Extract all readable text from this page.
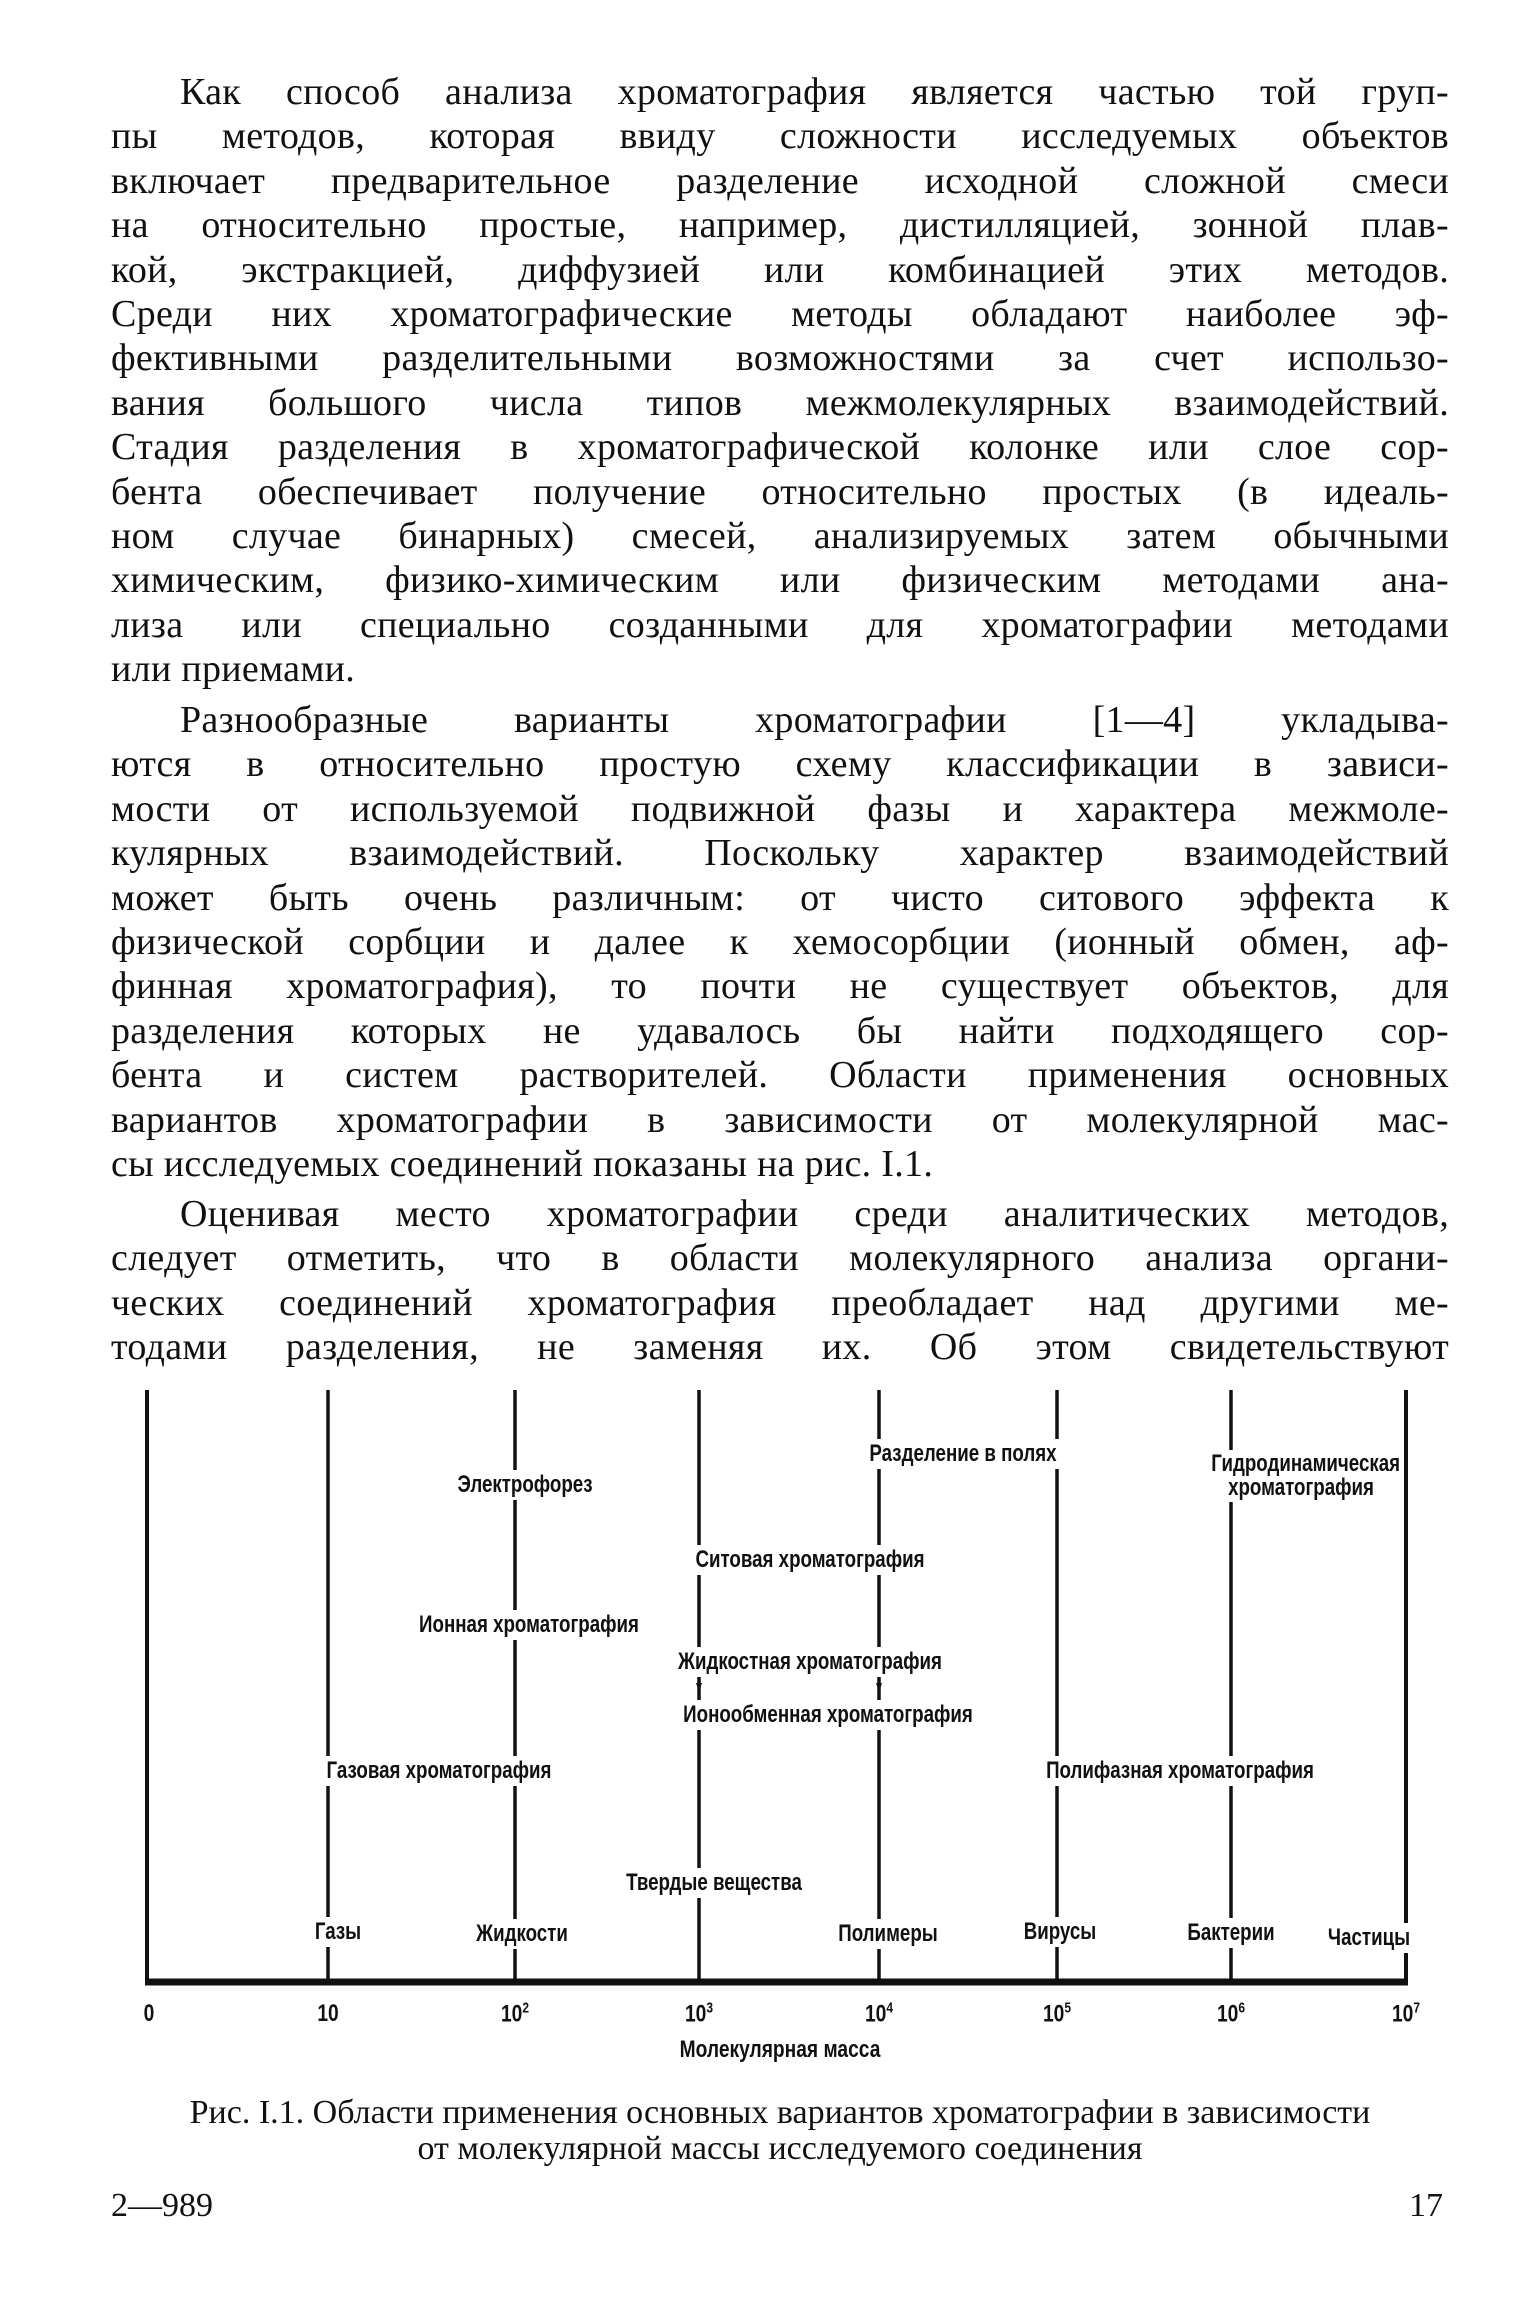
Как способ анализа хроматография является частью той груп-
пы методов, которая ввиду сложности исследуемых объектов
включает предварительное разделение исходной сложной смеси
на относительно простые, например, дистилляцией, зонной плав-
кой, экстракцией, диффузией или комбинацией этих методов.
Среди них хроматографические методы обладают наиболее эф-
фективными разделительными возможностями за счет использо-
вания большого числа типов межмолекулярных взаимодействий.
Стадия разделения в хроматографической колонке или слое сор-
бента обеспечивает получение относительно простых (в идеаль-
ном случае бинарных) смесей, анализируемых затем обычными
химическим, физико-химическим или физическим методами ана-
лиза или специально созданными для хроматографии методами
или приемами.
Разнообразные варианты хроматографии [1—4] укладыва-
ются в относительно простую схему классификации в зависи-
мости от используемой подвижной фазы и характера межмоле-
кулярных взаимодействий. Поскольку характер взаимодействий
может быть очень различным: от чисто ситового эффекта к
физической сорбции и далее к хемосорбции (ионный обмен, аф-
финная хроматография), то почти не существует объектов, для
разделения которых не удавалось бы найти подходящего сор-
бента и систем растворителей. Области применения основных
вариантов хроматографии в зависимости от молекулярной мас-
сы исследуемых соединений показаны на рис. I.1.
Оценивая место хроматографии среди аналитических методов,
следует отметить, что в области молекулярного анализа органи-
ческих соединений хроматография преобладает над другими ме-
тодами разделения, не заменяя их. Об этом свидетельствуют
Разделение в полях	Гидродинамическая хроматография
Электрофорез
Ситовая хроматография
Ионная хроматография
Жидкостная хроматография
Ионообменная хроматография
Газовая хроматография	Полифазная хроматография
Твердые вещества
Газы	Жидкости	Полимеры	Вирусы	Бактерии Частицы
0	10	$10^2$	$10^3$	$10^4$	$10^5$	$10^6$	$10^7$
Молекулярная масса
Рис. I.1. Области применения основных вариантов хроматографии в зависимости
от молекулярной массы исследуемого соединения
2—989	17
